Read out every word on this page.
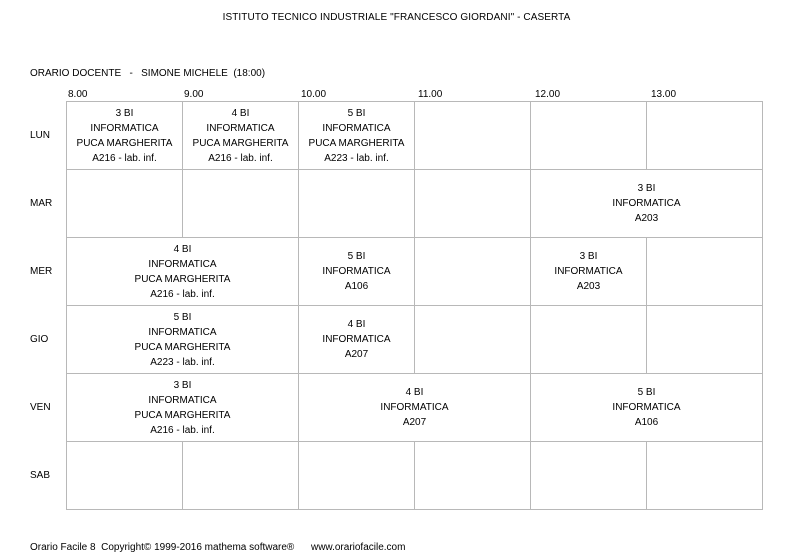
ISTITUTO TECNICO INDUSTRIALE "FRANCESCO GIORDANI" - CASERTA
ORARIO DOCENTE   -   SIMONE MICHELE  (18:00)
8.00	9.00	10.00	11.00	12.00	13.00
LUN
MAR
MER
GIO
VEN
SAB
3 BI
INFORMATICA
PUCA MARGHERITA
A216 - lab. inf.	4 BI
INFORMATICA
PUCA MARGHERITA
A216 - lab. inf.	5 BI
INFORMATICA
PUCA MARGHERITA
A223 - lab. inf.			

				3 BI
INFORMATICA
A203	

4 BI
INFORMATICA
PUCA MARGHERITA
A216 - lab. inf.		5 BI
INFORMATICA
A106		3 BI
INFORMATICA
A203	

5 BI
INFORMATICA
PUCA MARGHERITA
A223 - lab. inf.		4 BI
INFORMATICA
A207			

3 BI
INFORMATICA
PUCA MARGHERITA
A216 - lab. inf.		4 BI
INFORMATICA
A207		5 BI
INFORMATICA
A106	

Orario Facile 8  Copyright© 1999-2016 mathema software®      www.orariofacile.com
